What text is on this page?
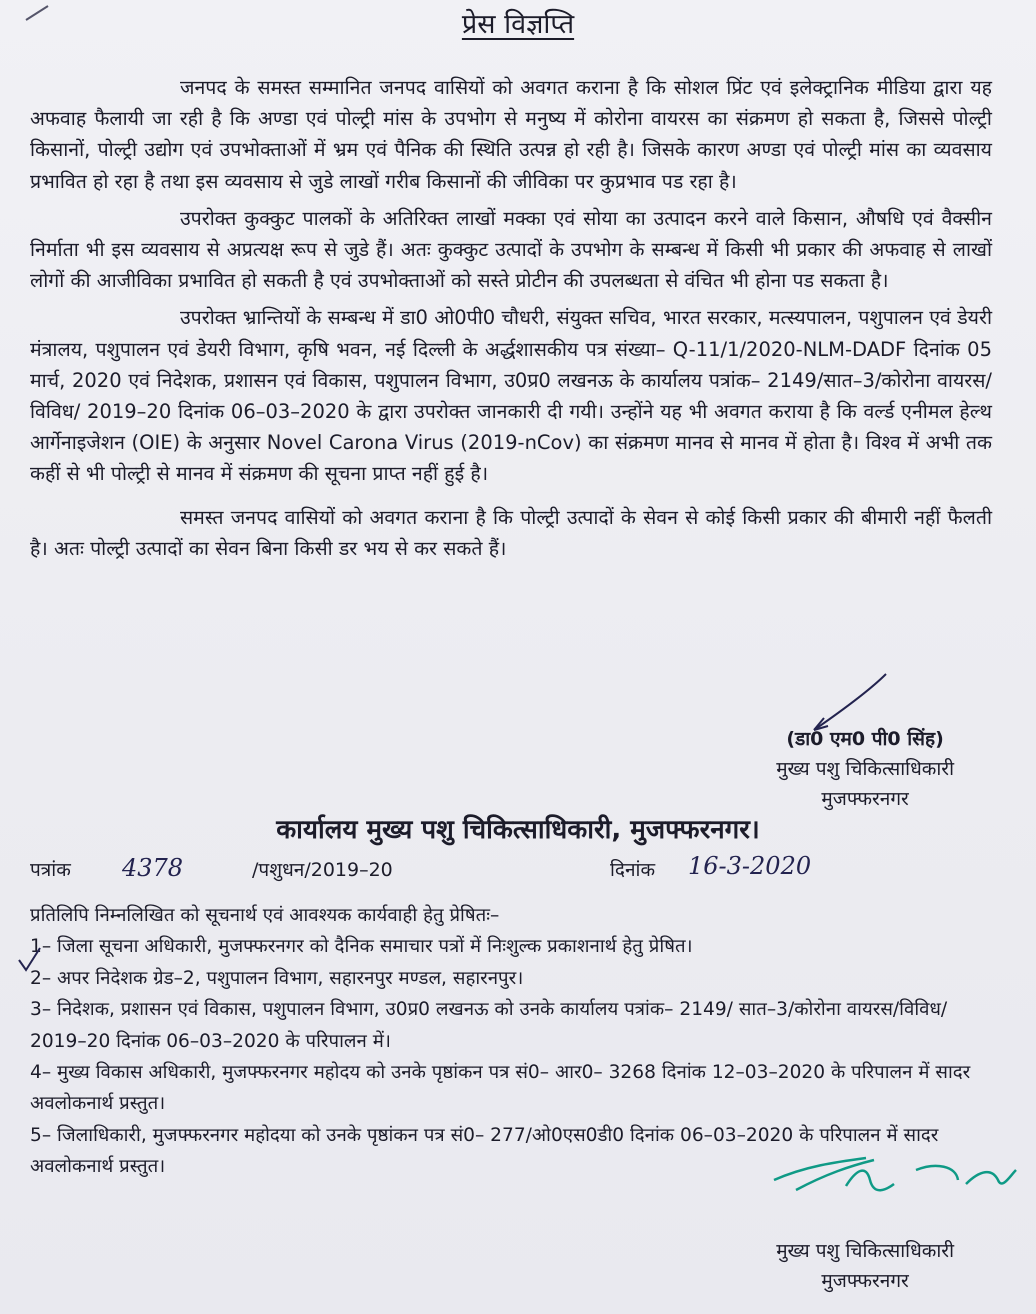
प्रेस विज्ञप्ति

जनपद के समस्त सम्मानित जनपद वासियों को अवगत कराना है कि सोशल प्रिंट एवं इलेक्ट्रानिक मीडिया द्वारा यह अफवाह फैलायी जा रही है कि अण्डा एवं पोल्ट्री मांस के उपभोग से मनुष्य में कोरोना वायरस का संक्रमण हो सकता है, जिससे पोल्ट्री किसानों, पोल्ट्री उद्योग एवं उपभोक्ताओं में भ्रम एवं पैनिक की स्थिति उत्पन्न हो रही है। जिसके कारण अण्डा एवं पोल्ट्री मांस का व्यवसाय प्रभावित हो रहा है तथा इस व्यवसाय से जुडे लाखों गरीब किसानों की जीविका पर कुप्रभाव पड रहा है।

उपरोक्त कुक्कुट पालकों के अतिरिक्त लाखों मक्का एवं सोया का उत्पादन करने वाले किसान, औषधि एवं वैक्सीन निर्माता भी इस व्यवसाय से अप्रत्यक्ष रूप से जुडे हैं। अतः कुक्कुट उत्पादों के उपभोग के सम्बन्ध में किसी भी प्रकार की अफवाह से लाखों लोगों की आजीविका प्रभावित हो सकती है एवं उपभोक्ताओं को सस्ते प्रोटीन की उपलब्धता से वंचित भी होना पड सकता है।

उपरोक्त भ्रान्तियों के सम्बन्ध में डा0 ओ0पी0 चौधरी, संयुक्त सचिव, भारत सरकार, मत्स्यपालन, पशुपालन एवं डेयरी मंत्रालय, पशुपालन एवं डेयरी विभाग, कृषि भवन, नई दिल्ली के अर्द्धशासकीय पत्र संख्या– Q-11/1/2020-NLM-DADF दिनांक 05 मार्च, 2020 एवं निदेशक, प्रशासन एवं विकास, पशुपालन विभाग, उ0प्र0 लखनऊ के कार्यालय पत्रांक– 2149/सात–3/कोरोना वायरस/विविध/ 2019–20 दिनांक 06–03–2020 के द्वारा उपरोक्त जानकारी दी गयी। उन्होंने यह भी अवगत कराया है कि वर्ल्ड एनीमल हेल्थ आर्गेनाइजेशन (OIE) के अनुसार Novel Carona Virus (2019-nCov) का संक्रमण मानव से मानव में होता है। विश्व में अभी तक कहीं से भी पोल्ट्री से मानव में संक्रमण की सूचना प्राप्त नहीं हुई है।

समस्त जनपद वासियों को अवगत कराना है कि पोल्ट्री उत्पादों के सेवन से कोई किसी प्रकार की बीमारी नहीं फैलती है। अतः पोल्ट्री उत्पादों का सेवन बिना किसी डर भय से कर सकते हैं।

(डा0 एम0 पी0 सिंह)
मुख्य पशु चिकित्साधिकारी
मुजफ्फरनगर
कार्यालय मुख्य पशु चिकित्साधिकारी, मुजफ्फरनगर।
पत्रांक 4378	/पशुधन/2019–20	दिनांक 16-3-2020
प्रतिलिपि निम्नलिखित को सूचनार्थ एवं आवश्यक कार्यवाही हेतु प्रेषितः–
1– जिला सूचना अधिकारी, मुजफ्फरनगर को दैनिक समाचार पत्रों में निःशुल्क प्रकाशनार्थ हेतु प्रेषित।
2– अपर निदेशक ग्रेड–2, पशुपालन विभाग, सहारनपुर मण्डल, सहारनपुर।
3– निदेशक, प्रशासन एवं विकास, पशुपालन विभाग, उ0प्र0 लखनऊ को उनके कार्यालय पत्रांक– 2149/ सात–3/कोरोना वायरस/विविध/ 2019–20 दिनांक 06–03–2020 के परिपालन में।
4– मुख्य विकास अधिकारी, मुजफ्फरनगर महोदय को उनके पृष्ठांकन पत्र सं0– आर0– 3268 दिनांक 12–03–2020 के परिपालन में सादर अवलोकनार्थ प्रस्तुत।
5– जिलाधिकारी, मुजफ्फरनगर महोदया को उनके पृष्ठांकन पत्र सं0– 277/ओ0एस0डी0 दिनांक 06–03–2020 के परिपालन में सादर अवलोकनार्थ प्रस्तुत।
मुख्य पशु चिकित्साधिकारी
मुजफ्फरनगर
